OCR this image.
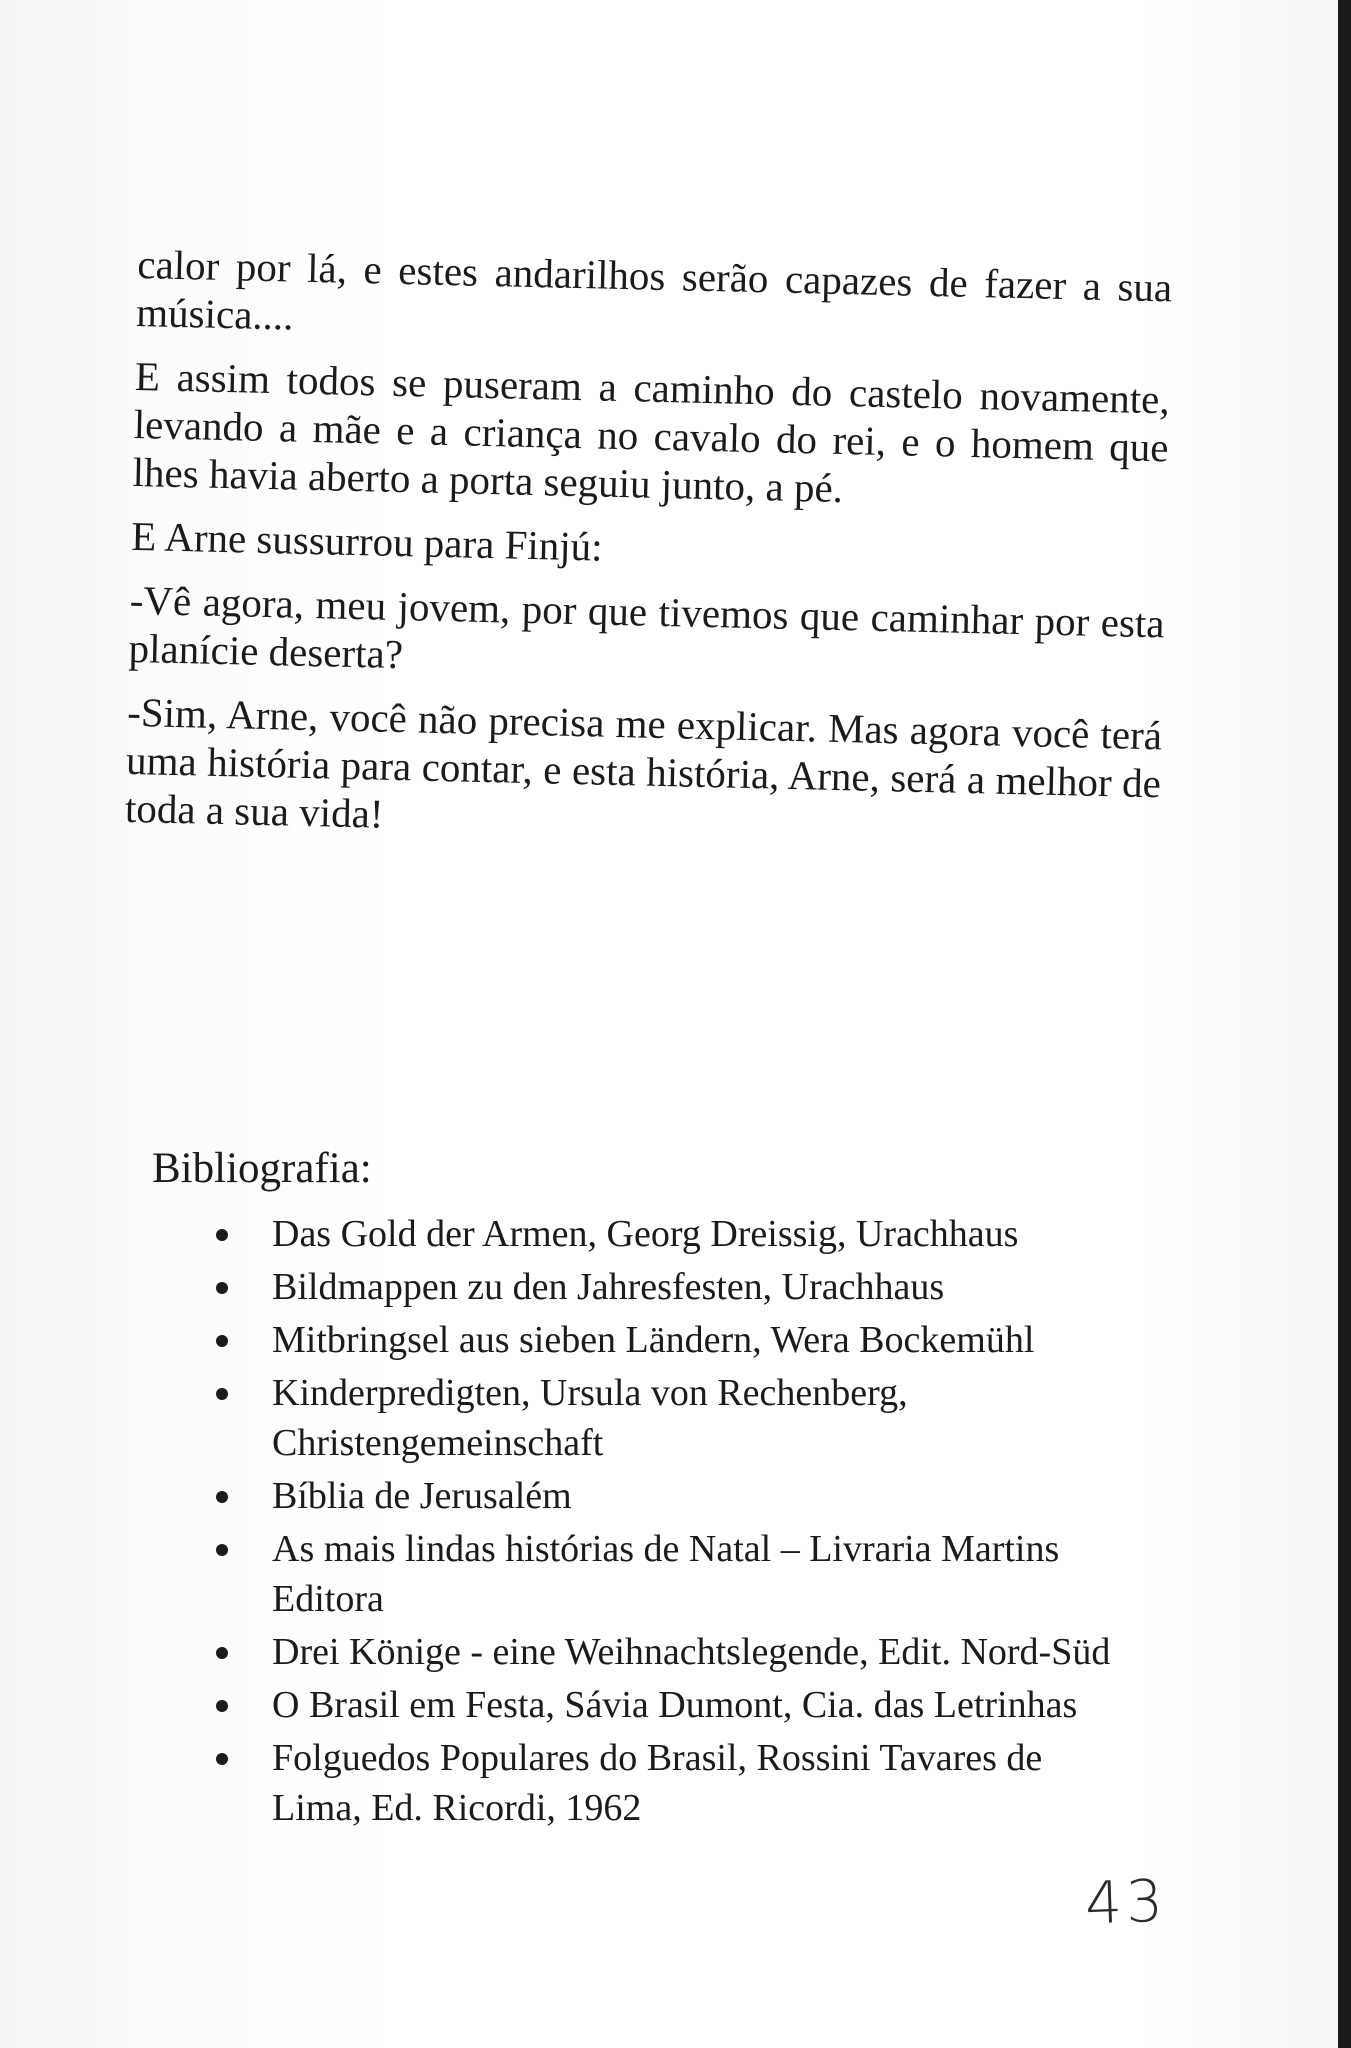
calor por lá, e estes andarilhos serão capazes de fazer a sua música....

E assim todos se puseram a caminho do castelo novamente, levando a mãe e a criança no cavalo do rei, e o homem que lhes havia aberto a porta seguiu junto, a pé.

E Arne sussurrou para Finjú:

-Vê agora, meu jovem, por que tivemos que caminhar por esta planície deserta?

-Sim, Arne, você não precisa me explicar. Mas agora você terá uma história para contar, e esta história, Arne, será a melhor de toda a sua vida!

Bibliografia:
Das Gold der Armen, Georg Dreissig, Urachhaus
Bildmappen zu den Jahresfesten, Urachhaus
Mitbringsel aus sieben Ländern, Wera Bockemühl
Kinderpredigten, Ursula von Rechenberg,
Christengemeinschaft
Bíblia de Jerusalém
As mais lindas histórias de Natal – Livraria Martins
Editora
Drei Könige - eine Weihnachtslegende, Edit. Nord-Süd
O Brasil em Festa, Sávia Dumont, Cia. das Letrinhas
Folguedos Populares do Brasil, Rossini Tavares de
Lima, Ed. Ricordi, 1962
43
